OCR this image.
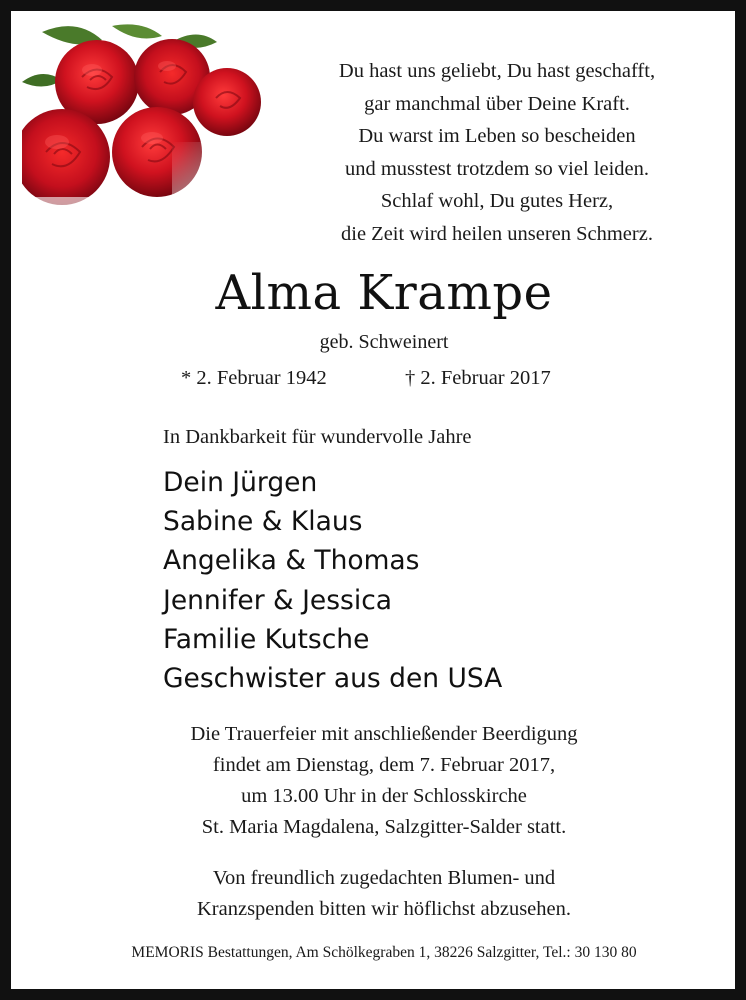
Du hast uns geliebt, Du hast geschafft,
gar manchmal über Deine Kraft.
Du warst im Leben so bescheiden
und musstest trotzdem so viel leiden.
Schlaf wohl, Du gutes Herz,
die Zeit wird heilen unseren Schmerz.
Alma Krampe
geb. Schweinert
* 2. Februar 1942	† 2. Februar 2017
In Dankbarkeit für wundervolle Jahre
Dein Jürgen
Sabine & Klaus
Angelika & Thomas
Jennifer & Jessica
Familie Kutsche
Geschwister aus den USA
Die Trauerfeier mit anschließender Beerdigung
findet am Dienstag, dem 7. Februar 2017,
um 13.00 Uhr in der Schlosskirche
St. Maria Magdalena, Salzgitter-Salder statt.
Von freundlich zugedachten Blumen- und
Kranzspenden bitten wir höflichst abzusehen.
MEMORIS Bestattungen, Am Schölkegraben 1, 38226 Salzgitter, Tel.: 30 130 80
